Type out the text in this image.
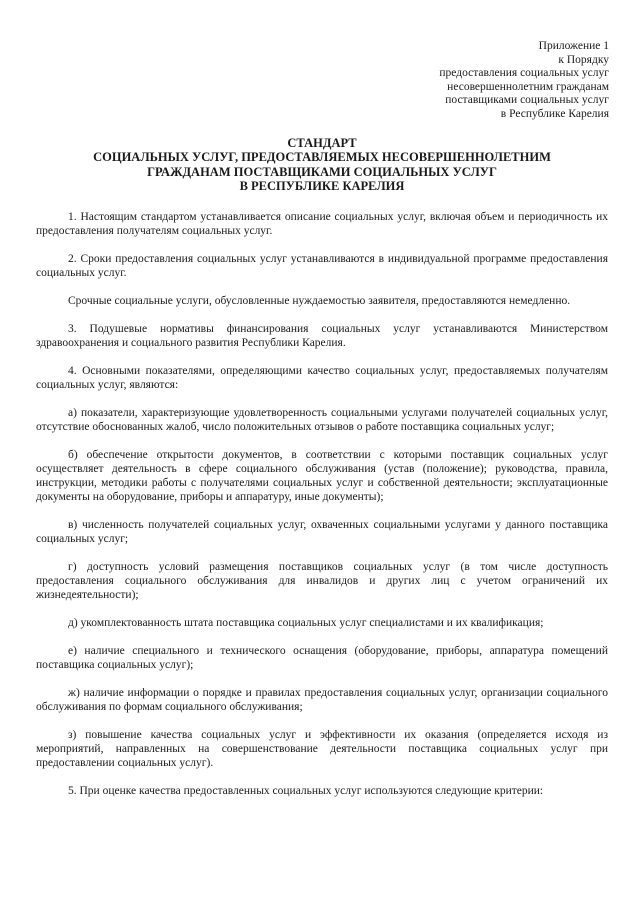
Приложение 1
к Порядку
предоставления социальных услуг
несовершеннолетним гражданам
поставщиками социальных услуг
в Республике Карелия
СТАНДАРТ
СОЦИАЛЬНЫХ УСЛУГ, ПРЕДОСТАВЛЯЕМЫХ НЕСОВЕРШЕННОЛЕТНИМ
ГРАЖДАНАМ ПОСТАВЩИКАМИ СОЦИАЛЬНЫХ УСЛУГ
В РЕСПУБЛИКЕ КАРЕЛИЯ

1. Настоящим стандартом устанавливается описание социальных услуг, включая объем и периодичность их предоставления получателям социальных услуг.

2. Сроки предоставления социальных услуг устанавливаются в индивидуальной программе предоставления социальных услуг.

Срочные социальные услуги, обусловленные нуждаемостью заявителя, предоставляются немедленно.

3. Подушевые нормативы финансирования социальных услуг устанавливаются Министерством здравоохранения и социального развития Республики Карелия.

4. Основными показателями, определяющими качество социальных услуг, предоставляемых получателям социальных услуг, являются:

а) показатели, характеризующие удовлетворенность социальными услугами получателей социальных услуг, отсутствие обоснованных жалоб, число положительных отзывов о работе поставщика социальных услуг;

б) обеспечение открытости документов, в соответствии с которыми поставщик социальных услуг осуществляет деятельность в сфере социального обслуживания (устав (положение); руководства, правила, инструкции, методики работы с получателями социальных услуг и собственной деятельности; эксплуатационные документы на оборудование, приборы и аппаратуру, иные документы);

в) численность получателей социальных услуг, охваченных социальными услугами у данного поставщика социальных услуг;

г) доступность условий размещения поставщиков социальных услуг (в том числе доступность предоставления социального обслуживания для инвалидов и других лиц с учетом ограничений их жизнедеятельности);

д) укомплектованность штата поставщика социальных услуг специалистами и их квалификация;

е) наличие специального и технического оснащения (оборудование, приборы, аппаратура помещений поставщика социальных услуг);

ж) наличие информации о порядке и правилах предоставления социальных услуг, организации социального обслуживания по формам социального обслуживания;

з) повышение качества социальных услуг и эффективности их оказания (определяется исходя из мероприятий, направленных на совершенствование деятельности поставщика социальных услуг при предоставлении социальных услуг).

5. При оценке качества предоставленных социальных услуг используются следующие критерии:
